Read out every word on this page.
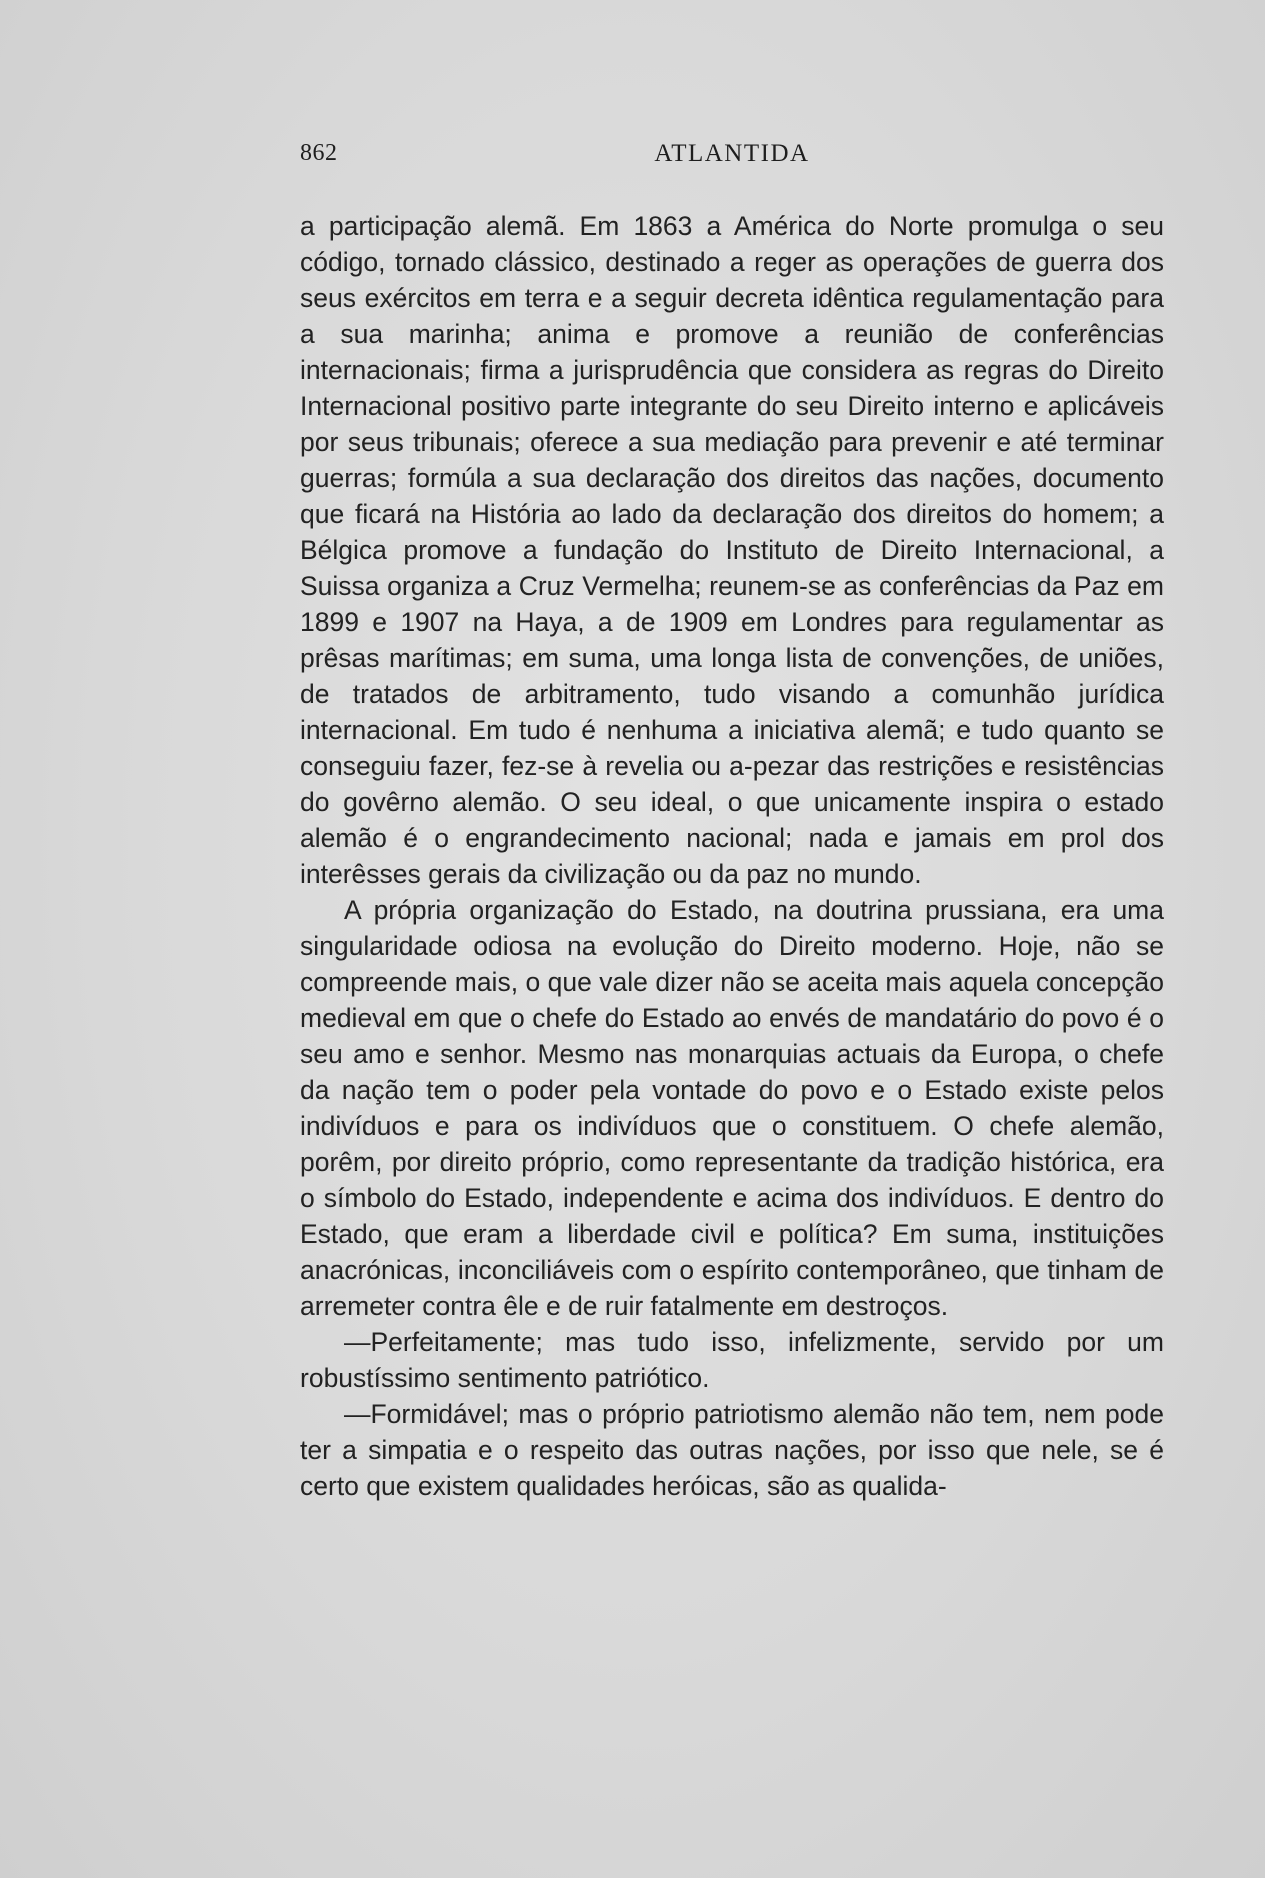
862	ATLANTIDA

a participação alemã. Em 1863 a América do Norte promulga o seu código, tornado clássico, destinado a reger as operações de guerra dos seus exércitos em terra e a seguir decreta idêntica regulamentação para a sua marinha; anima e promove a reunião de conferências internacionais; firma a jurisprudência que considera as regras do Direito Internacional positivo parte integrante do seu Direito interno e aplicáveis por seus tribunais; oferece a sua mediação para prevenir e até terminar guerras; formúla a sua declaração dos direitos das nações, documento que ficará na História ao lado da declaração dos direitos do homem; a Bélgica promove a fundação do Instituto de Direito Internacional, a Suissa organiza a Cruz Vermelha; reunem-se as conferências da Paz em 1899 e 1907 na Haya, a de 1909 em Londres para regulamentar as prêsas marítimas; em suma, uma longa lista de convenções, de uniões, de tratados de arbitramento, tudo visando a comunhão jurídica internacional. Em tudo é nenhuma a iniciativa alemã; e tudo quanto se conseguiu fazer, fez-se à revelia ou a-pezar das restrições e resistências do govêrno alemão. O seu ideal, o que unicamente inspira o estado alemão é o engrandecimento nacional; nada e jamais em prol dos interêsses gerais da civilização ou da paz no mundo.

A própria organização do Estado, na doutrina prussiana, era uma singularidade odiosa na evolução do Direito moderno. Hoje, não se compreende mais, o que vale dizer não se aceita mais aquela concepção medieval em que o chefe do Estado ao envés de mandatário do povo é o seu amo e senhor. Mesmo nas monarquias actuais da Europa, o chefe da nação tem o poder pela vontade do povo e o Estado existe pelos indivíduos e para os indivíduos que o constituem. O chefe alemão, porêm, por direito próprio, como representante da tradição histórica, era o símbolo do Estado, independente e acima dos indivíduos. E dentro do Estado, que eram a liberdade civil e política? Em suma, instituições anacrónicas, inconciliáveis com o espírito contemporâneo, que tinham de arremeter contra êle e de ruir fatalmente em destroços.

—Perfeitamente; mas tudo isso, infelizmente, servido por um robustíssimo sentimento patriótico.

—Formidável; mas o próprio patriotismo alemão não tem, nem pode ter a simpatia e o respeito das outras nações, por isso que nele, se é certo que existem qualidades heróicas, são as qualida-
